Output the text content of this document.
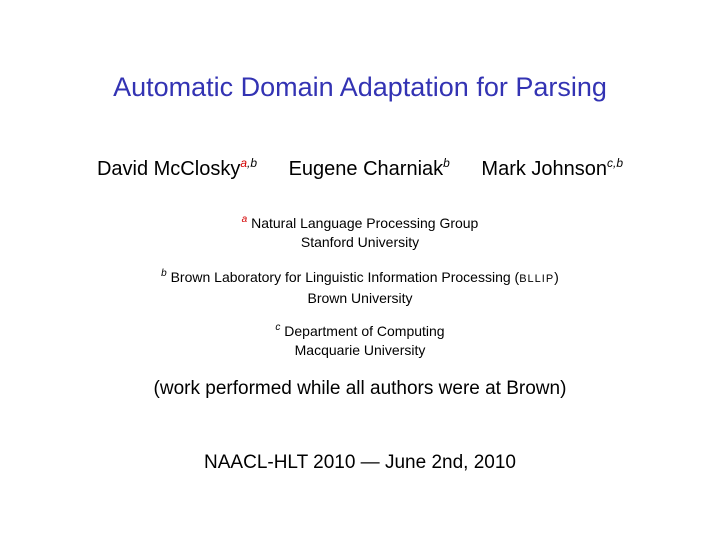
Automatic Domain Adaptation for Parsing
David McClosky$^{a,b}$ Eugene Charniak$^b$ Mark Johnson$^{c,b}$
$^a$ Natural Language Processing Group
Stanford University
$^b$ Brown Laboratory for Linguistic Information Processing (BLLIP)
Brown University
$^c$ Department of Computing
Macquarie University
(work performed while all authors were at Brown)
NAACL-HLT 2010 — June 2nd, 2010
